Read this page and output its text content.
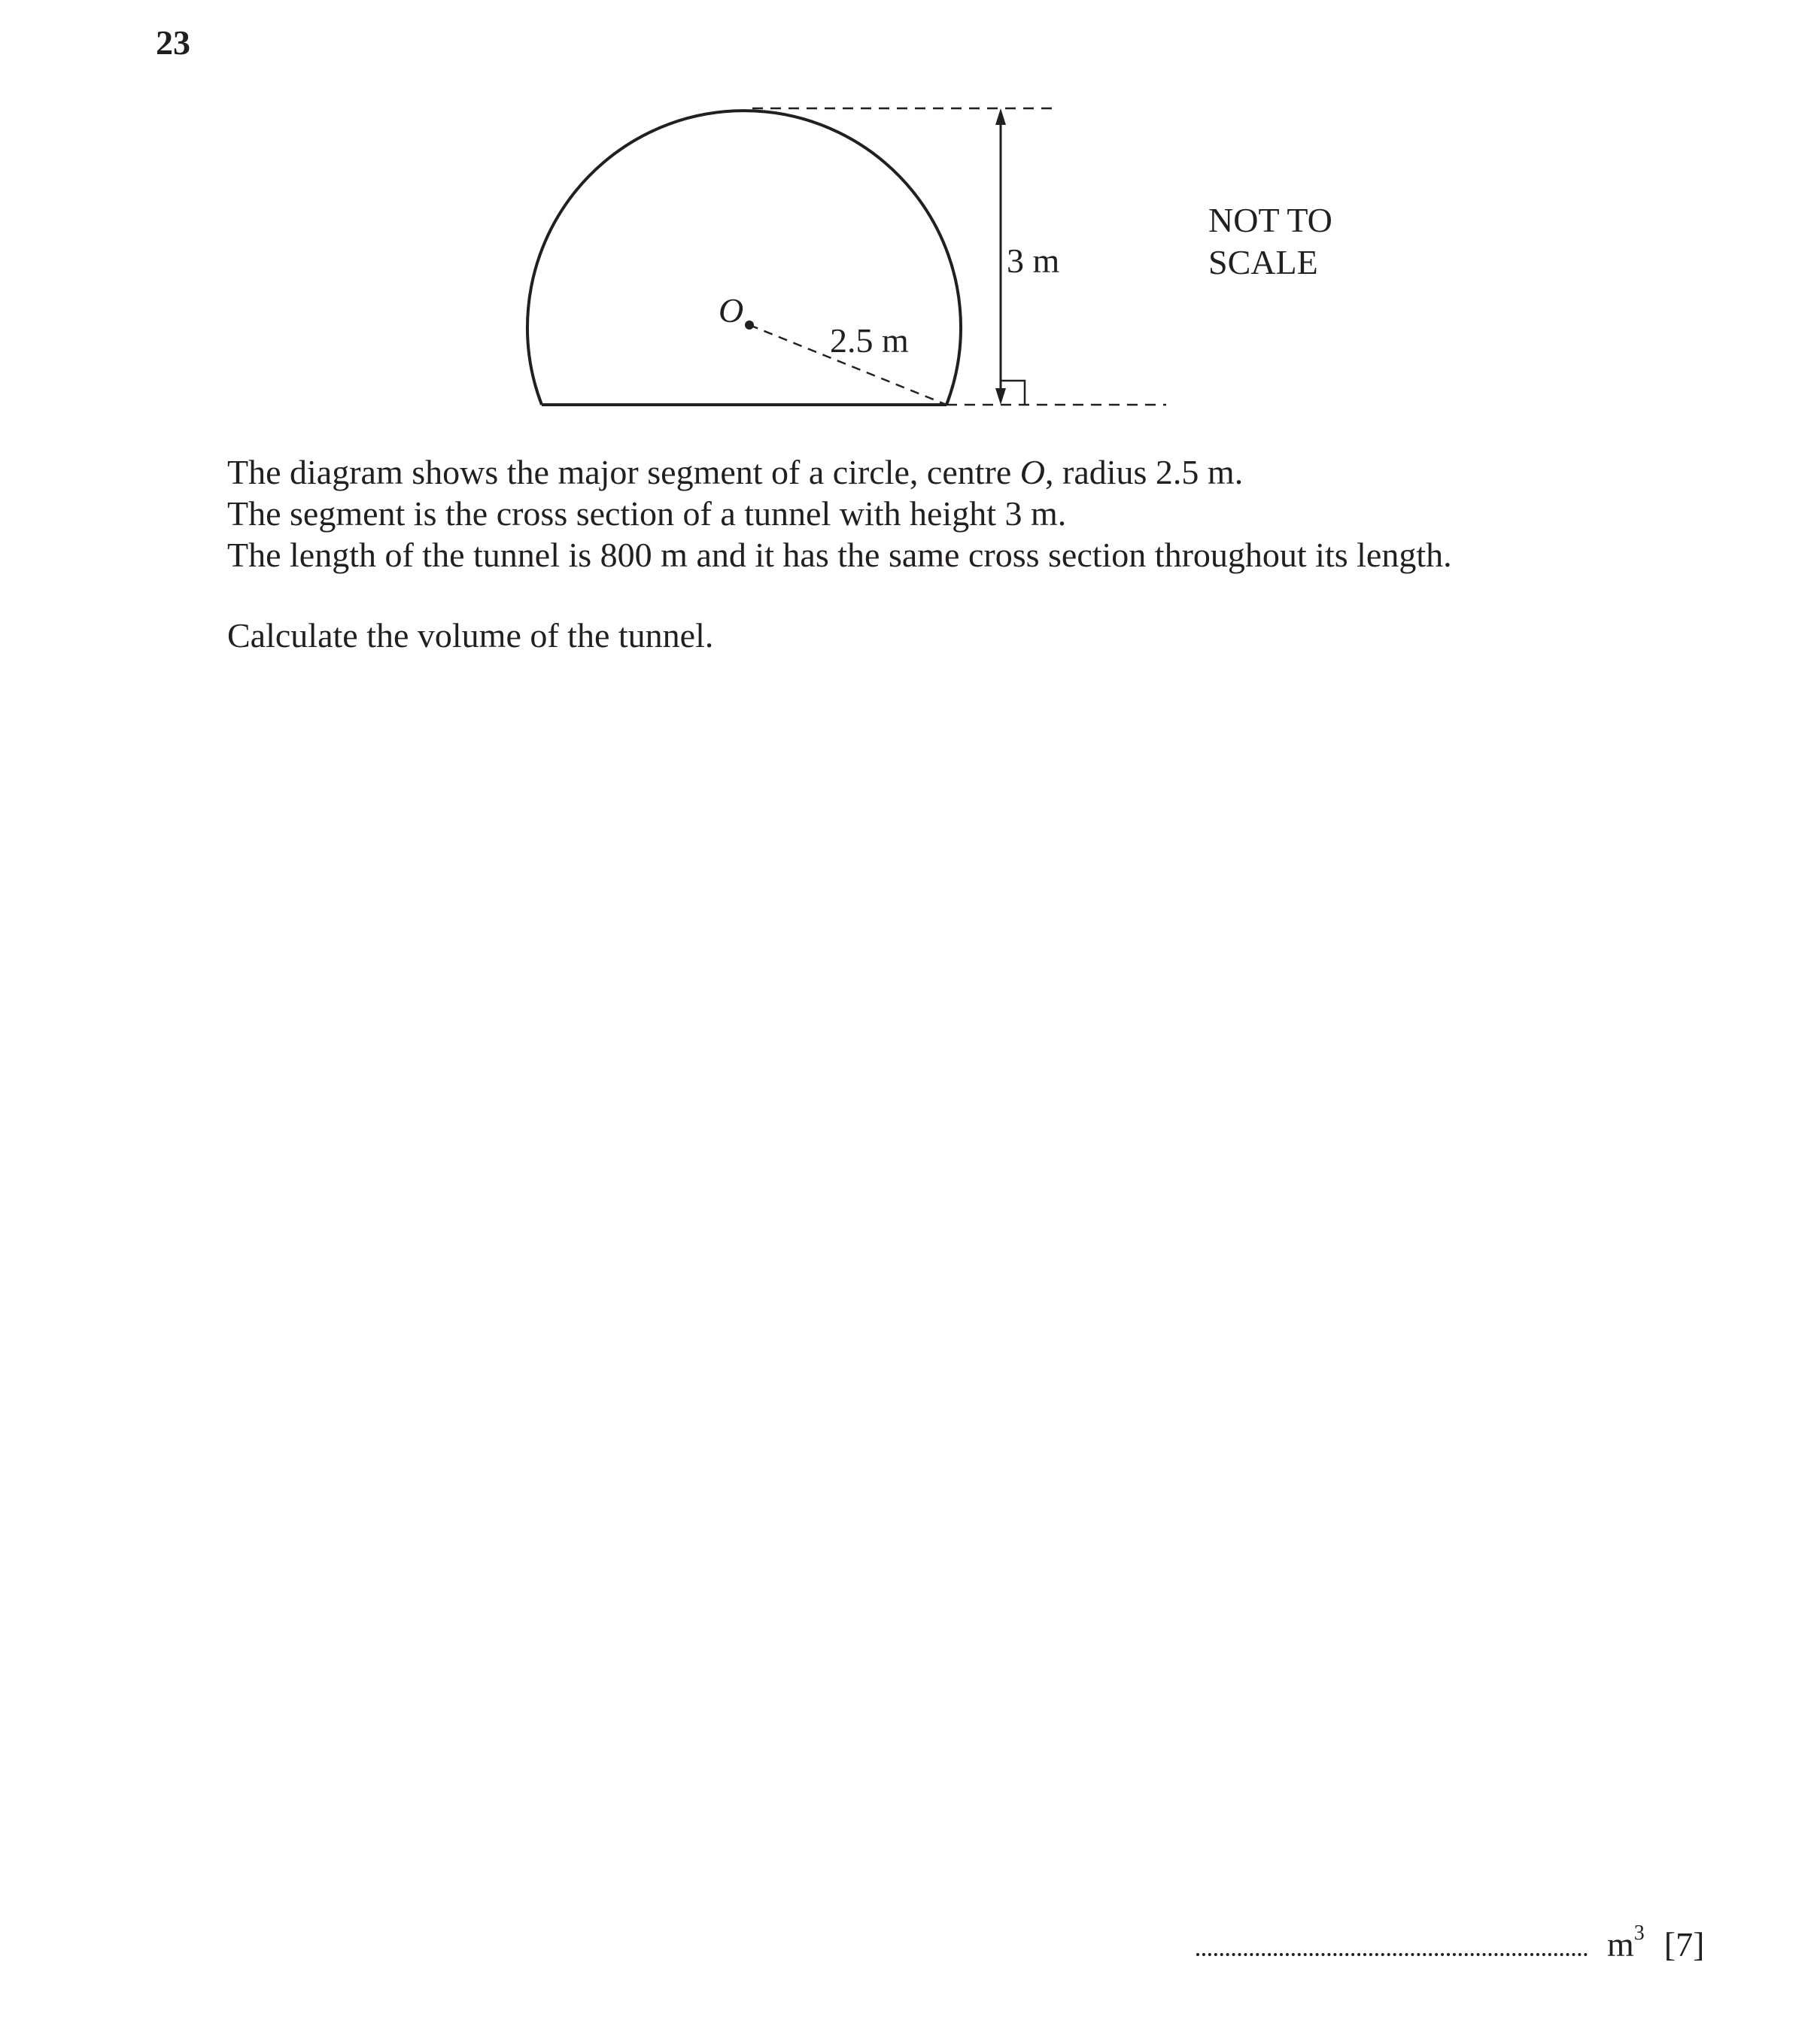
23
O
2.5 m
3 m
NOT TO
SCALE

The diagram shows the major segment of a circle, centre O, radius 2.5 m.

The segment is the cross section of a tunnel with height 3 m.

The length of the tunnel is 800 m and it has the same cross section throughout its length.

Calculate the volume of the tunnel.

$m^3$ [7]
